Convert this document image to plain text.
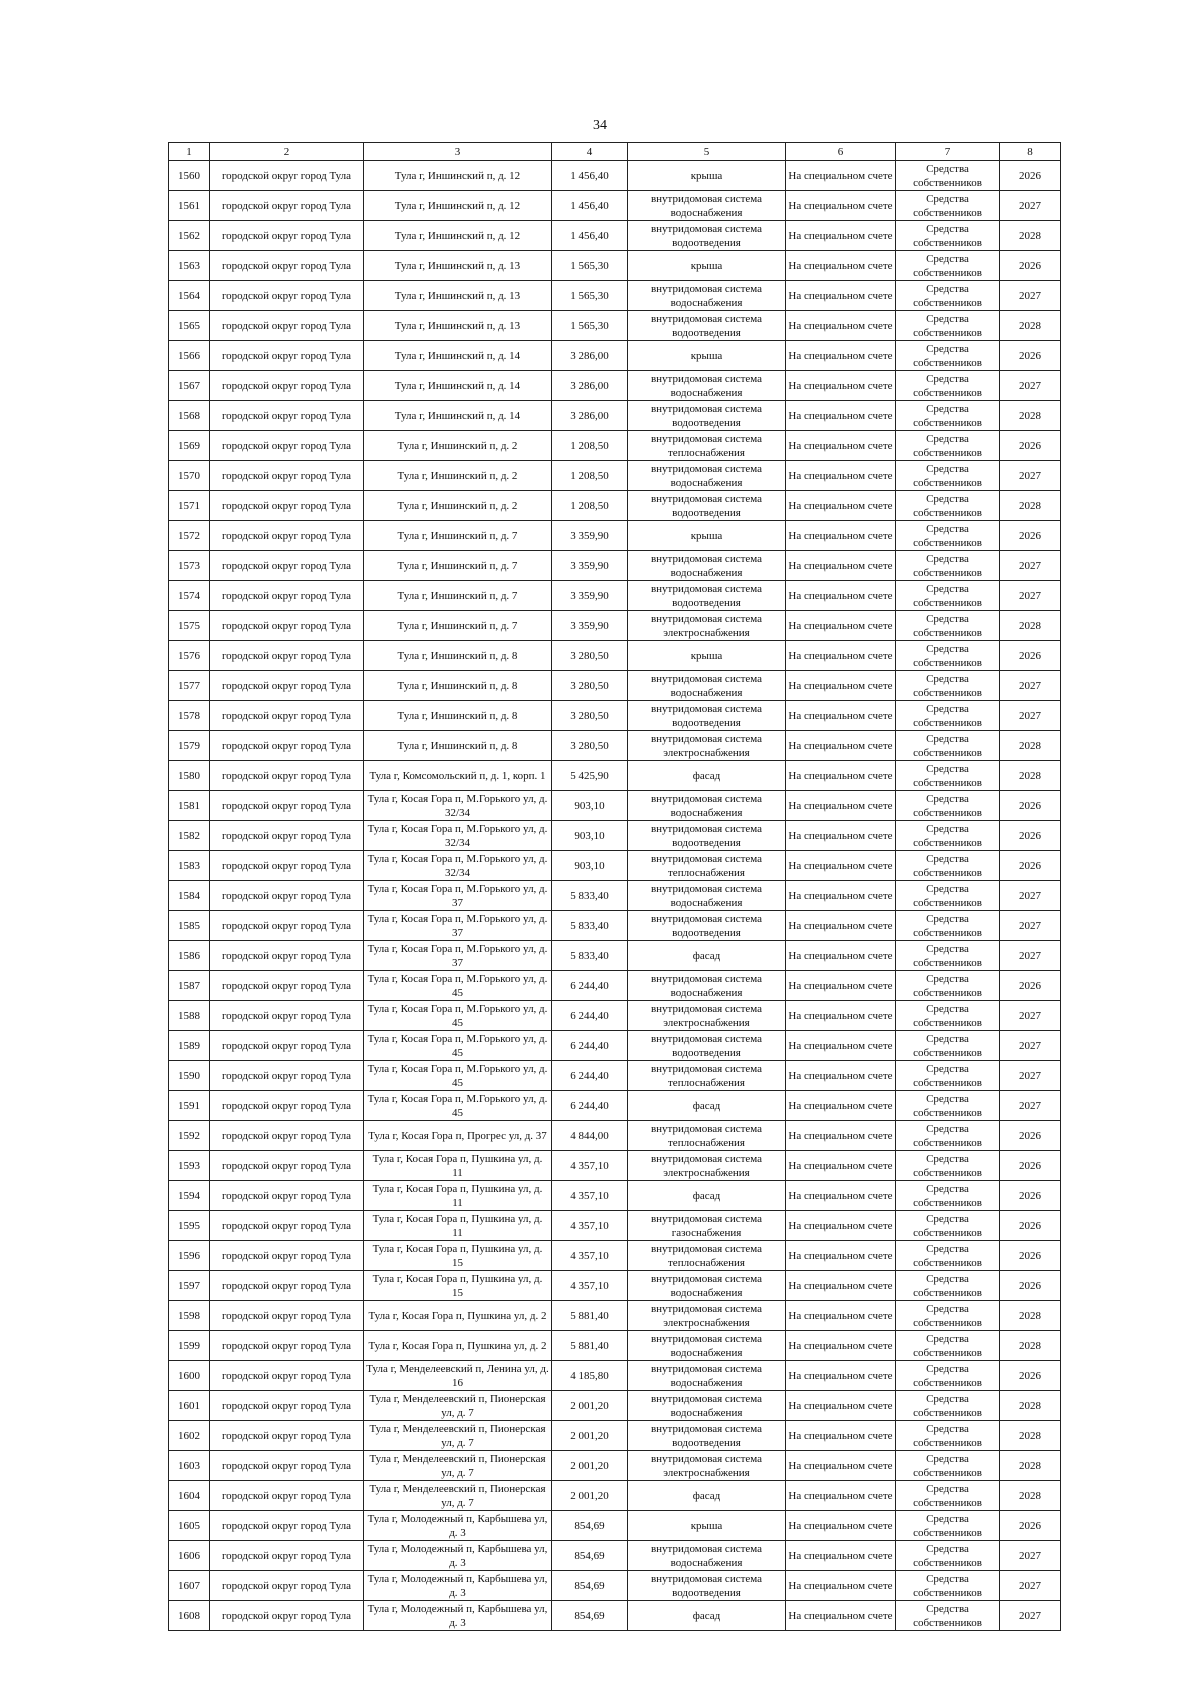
34
1	2	3	4	5	6	7	8
1560	городской округ город Тула	Тула г, Иншинский п, д. 12	1 456,40	крыша	На специальном счете	Средства собственников	2026
1561	городской округ город Тула	Тула г, Иншинский п, д. 12	1 456,40	внутридомовая система водоснабжения	На специальном счете	Средства собственников	2027
1562	городской округ город Тула	Тула г, Иншинский п, д. 12	1 456,40	внутридомовая система водоотведения	На специальном счете	Средства собственников	2028
1563	городской округ город Тула	Тула г, Иншинский п, д. 13	1 565,30	крыша	На специальном счете	Средства собственников	2026
1564	городской округ город Тула	Тула г, Иншинский п, д. 13	1 565,30	внутридомовая система водоснабжения	На специальном счете	Средства собственников	2027
1565	городской округ город Тула	Тула г, Иншинский п, д. 13	1 565,30	внутридомовая система водоотведения	На специальном счете	Средства собственников	2028
1566	городской округ город Тула	Тула г, Иншинский п, д. 14	3 286,00	крыша	На специальном счете	Средства собственников	2026
1567	городской округ город Тула	Тула г, Иншинский п, д. 14	3 286,00	внутридомовая система водоснабжения	На специальном счете	Средства собственников	2027
1568	городской округ город Тула	Тула г, Иншинский п, д. 14	3 286,00	внутридомовая система водоотведения	На специальном счете	Средства собственников	2028
1569	городской округ город Тула	Тула г, Иншинский п, д. 2	1 208,50	внутридомовая система теплоснабжения	На специальном счете	Средства собственников	2026
1570	городской округ город Тула	Тула г, Иншинский п, д. 2	1 208,50	внутридомовая система водоснабжения	На специальном счете	Средства собственников	2027
1571	городской округ город Тула	Тула г, Иншинский п, д. 2	1 208,50	внутридомовая система водоотведения	На специальном счете	Средства собственников	2028
1572	городской округ город Тула	Тула г, Иншинский п, д. 7	3 359,90	крыша	На специальном счете	Средства собственников	2026
1573	городской округ город Тула	Тула г, Иншинский п, д. 7	3 359,90	внутридомовая система водоснабжения	На специальном счете	Средства собственников	2027
1574	городской округ город Тула	Тула г, Иншинский п, д. 7	3 359,90	внутридомовая система водоотведения	На специальном счете	Средства собственников	2027
1575	городской округ город Тула	Тула г, Иншинский п, д. 7	3 359,90	внутридомовая система электроснабжения	На специальном счете	Средства собственников	2028
1576	городской округ город Тула	Тула г, Иншинский п, д. 8	3 280,50	крыша	На специальном счете	Средства собственников	2026
1577	городской округ город Тула	Тула г, Иншинский п, д. 8	3 280,50	внутридомовая система водоснабжения	На специальном счете	Средства собственников	2027
1578	городской округ город Тула	Тула г, Иншинский п, д. 8	3 280,50	внутридомовая система водоотведения	На специальном счете	Средства собственников	2027
1579	городской округ город Тула	Тула г, Иншинский п, д. 8	3 280,50	внутридомовая система электроснабжения	На специальном счете	Средства собственников	2028
1580	городской округ город Тула	Тула г, Комсомольский п, д. 1, корп. 1	5 425,90	фасад	На специальном счете	Средства собственников	2028
1581	городской округ город Тула	Тула г, Косая Гора п, М.Горького ул, д. 32/34	903,10	внутридомовая система водоснабжения	На специальном счете	Средства собственников	2026
1582	городской округ город Тула	Тула г, Косая Гора п, М.Горького ул, д. 32/34	903,10	внутридомовая система водоотведения	На специальном счете	Средства собственников	2026
1583	городской округ город Тула	Тула г, Косая Гора п, М.Горького ул, д. 32/34	903,10	внутридомовая система теплоснабжения	На специальном счете	Средства собственников	2026
1584	городской округ город Тула	Тула г, Косая Гора п, М.Горького ул, д. 37	5 833,40	внутридомовая система водоснабжения	На специальном счете	Средства собственников	2027
1585	городской округ город Тула	Тула г, Косая Гора п, М.Горького ул, д. 37	5 833,40	внутридомовая система водоотведения	На специальном счете	Средства собственников	2027
1586	городской округ город Тула	Тула г, Косая Гора п, М.Горького ул, д. 37	5 833,40	фасад	На специальном счете	Средства собственников	2027
1587	городской округ город Тула	Тула г, Косая Гора п, М.Горького ул, д. 45	6 244,40	внутридомовая система водоснабжения	На специальном счете	Средства собственников	2026
1588	городской округ город Тула	Тула г, Косая Гора п, М.Горького ул, д. 45	6 244,40	внутридомовая система электроснабжения	На специальном счете	Средства собственников	2027
1589	городской округ город Тула	Тула г, Косая Гора п, М.Горького ул, д. 45	6 244,40	внутридомовая система водоотведения	На специальном счете	Средства собственников	2027
1590	городской округ город Тула	Тула г, Косая Гора п, М.Горького ул, д. 45	6 244,40	внутридомовая система теплоснабжения	На специальном счете	Средства собственников	2027
1591	городской округ город Тула	Тула г, Косая Гора п, М.Горького ул, д. 45	6 244,40	фасад	На специальном счете	Средства собственников	2027
1592	городской округ город Тула	Тула г, Косая Гора п, Прогрес ул, д. 37	4 844,00	внутридомовая система теплоснабжения	На специальном счете	Средства собственников	2026
1593	городской округ город Тула	Тула г, Косая Гора п, Пушкина ул, д. 11	4 357,10	внутридомовая система электроснабжения	На специальном счете	Средства собственников	2026
1594	городской округ город Тула	Тула г, Косая Гора п, Пушкина ул, д. 11	4 357,10	фасад	На специальном счете	Средства собственников	2026
1595	городской округ город Тула	Тула г, Косая Гора п, Пушкина ул, д. 11	4 357,10	внутридомовая система газоснабжения	На специальном счете	Средства собственников	2026
1596	городской округ город Тула	Тула г, Косая Гора п, Пушкина ул, д. 15	4 357,10	внутридомовая система теплоснабжения	На специальном счете	Средства собственников	2026
1597	городской округ город Тула	Тула г, Косая Гора п, Пушкина ул, д. 15	4 357,10	внутридомовая система водоснабжения	На специальном счете	Средства собственников	2026
1598	городской округ город Тула	Тула г, Косая Гора п, Пушкина ул, д. 2	5 881,40	внутридомовая система электроснабжения	На специальном счете	Средства собственников	2028
1599	городской округ город Тула	Тула г, Косая Гора п, Пушкина ул, д. 2	5 881,40	внутридомовая система водоснабжения	На специальном счете	Средства собственников	2028
1600	городской округ город Тула	Тула г, Менделеевский п, Ленина ул, д. 16	4 185,80	внутридомовая система водоснабжения	На специальном счете	Средства собственников	2026
1601	городской округ город Тула	Тула г, Менделеевский п, Пионерская ул, д. 7	2 001,20	внутридомовая система водоснабжения	На специальном счете	Средства собственников	2028
1602	городской округ город Тула	Тула г, Менделеевский п, Пионерская ул, д. 7	2 001,20	внутридомовая система водоотведения	На специальном счете	Средства собственников	2028
1603	городской округ город Тула	Тула г, Менделеевский п, Пионерская ул, д. 7	2 001,20	внутридомовая система электроснабжения	На специальном счете	Средства собственников	2028
1604	городской округ город Тула	Тула г, Менделеевский п, Пионерская ул, д. 7	2 001,20	фасад	На специальном счете	Средства собственников	2028
1605	городской округ город Тула	Тула г, Молодежный п, Карбышева ул, д. 3	854,69	крыша	На специальном счете	Средства собственников	2026
1606	городской округ город Тула	Тула г, Молодежный п, Карбышева ул, д. 3	854,69	внутридомовая система водоснабжения	На специальном счете	Средства собственников	2027
1607	городской округ город Тула	Тула г, Молодежный п, Карбышева ул, д. 3	854,69	внутридомовая система водоотведения	На специальном счете	Средства собственников	2027
1608	городской округ город Тула	Тула г, Молодежный п, Карбышева ул, д. 3	854,69	фасад	На специальном счете	Средства собственников	2027
